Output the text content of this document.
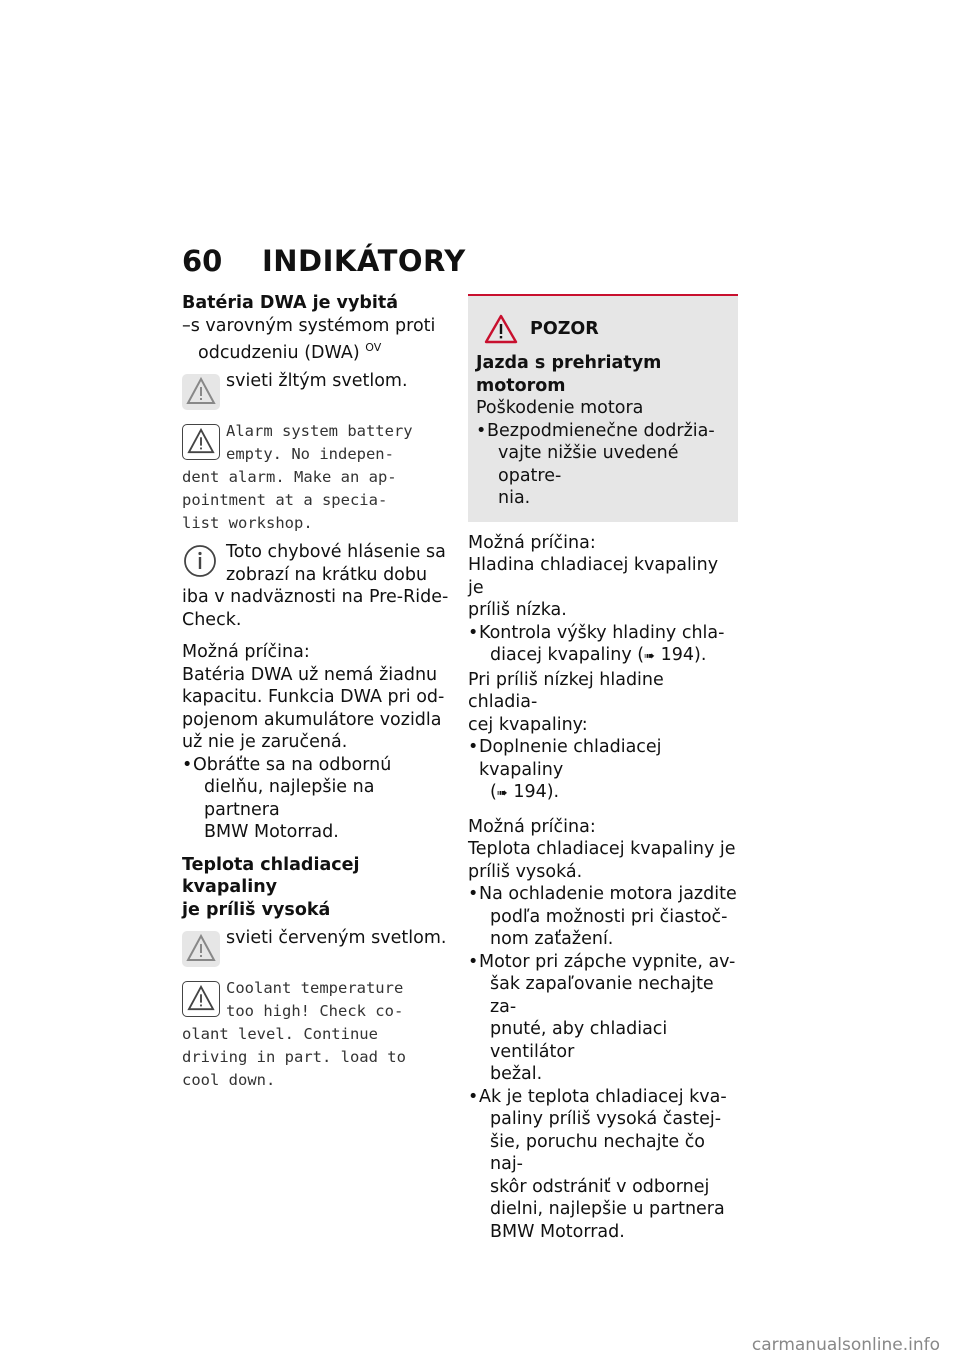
60	INDIKÁTORY

Batéria DWA je vybitá

–s varovným systémom proti

odcudzeniu (DWA) $^{OV}$

svieti žltým svetlom.

Alarm system battery

empty. No indepen-

dent alarm. Make an ap-

pointment at a specia-

list workshop.

Toto chybové hlásenie sa

zobrazí na krátku dobu

iba v nadväznosti na Pre-Ride-

Check.

Možná príčina:

Batéria DWA už nemá žiadnu

kapacitu. Funkcia DWA pri od-

pojenom akumulátore vozidla

už nie je zaručená.

• Obráťte sa na odbornú
dielňu, najlepšie na partnera
BMW Motorrad.

Teplota chladiacej kvapaliny

je príliš vysoká

svieti červeným svetlom.

Coolant temperature

too high! Check co-

olant level. Continue

driving in part. load to

cool down.

POZOR

Jazda s prehriatym motorom

Poškodenie motora

• Bezpodmienečne dodržia-
vajte nižšie uvedené opatre-
nia.

Možná príčina:

Hladina chladiacej kvapaliny je

príliš nízka.

• Kontrola výšky hladiny chla-
diacej kvapaliny (➠ 194).

Pri príliš nízkej hladine chladia-

cej kvapaliny:

• Doplnenie chladiacej kvapaliny
(➠ 194).

Možná príčina:

Teplota chladiacej kvapaliny je

príliš vysoká.

• Na ochladenie motora jazdite
podľa možnosti pri čiastoč-
nom zaťažení.
• Motor pri zápche vypnite, av-
šak zapaľovanie nechajte za-
pnuté, aby chladiaci ventilátor
bežal.
• Ak je teplota chladiacej kva-
paliny príliš vysoká častej-
šie, poruchu nechajte čo naj-
skôr odstrániť v odbornej
dielni, najlepšie u partnera
BMW Motorrad.
carmanualsonline.info
